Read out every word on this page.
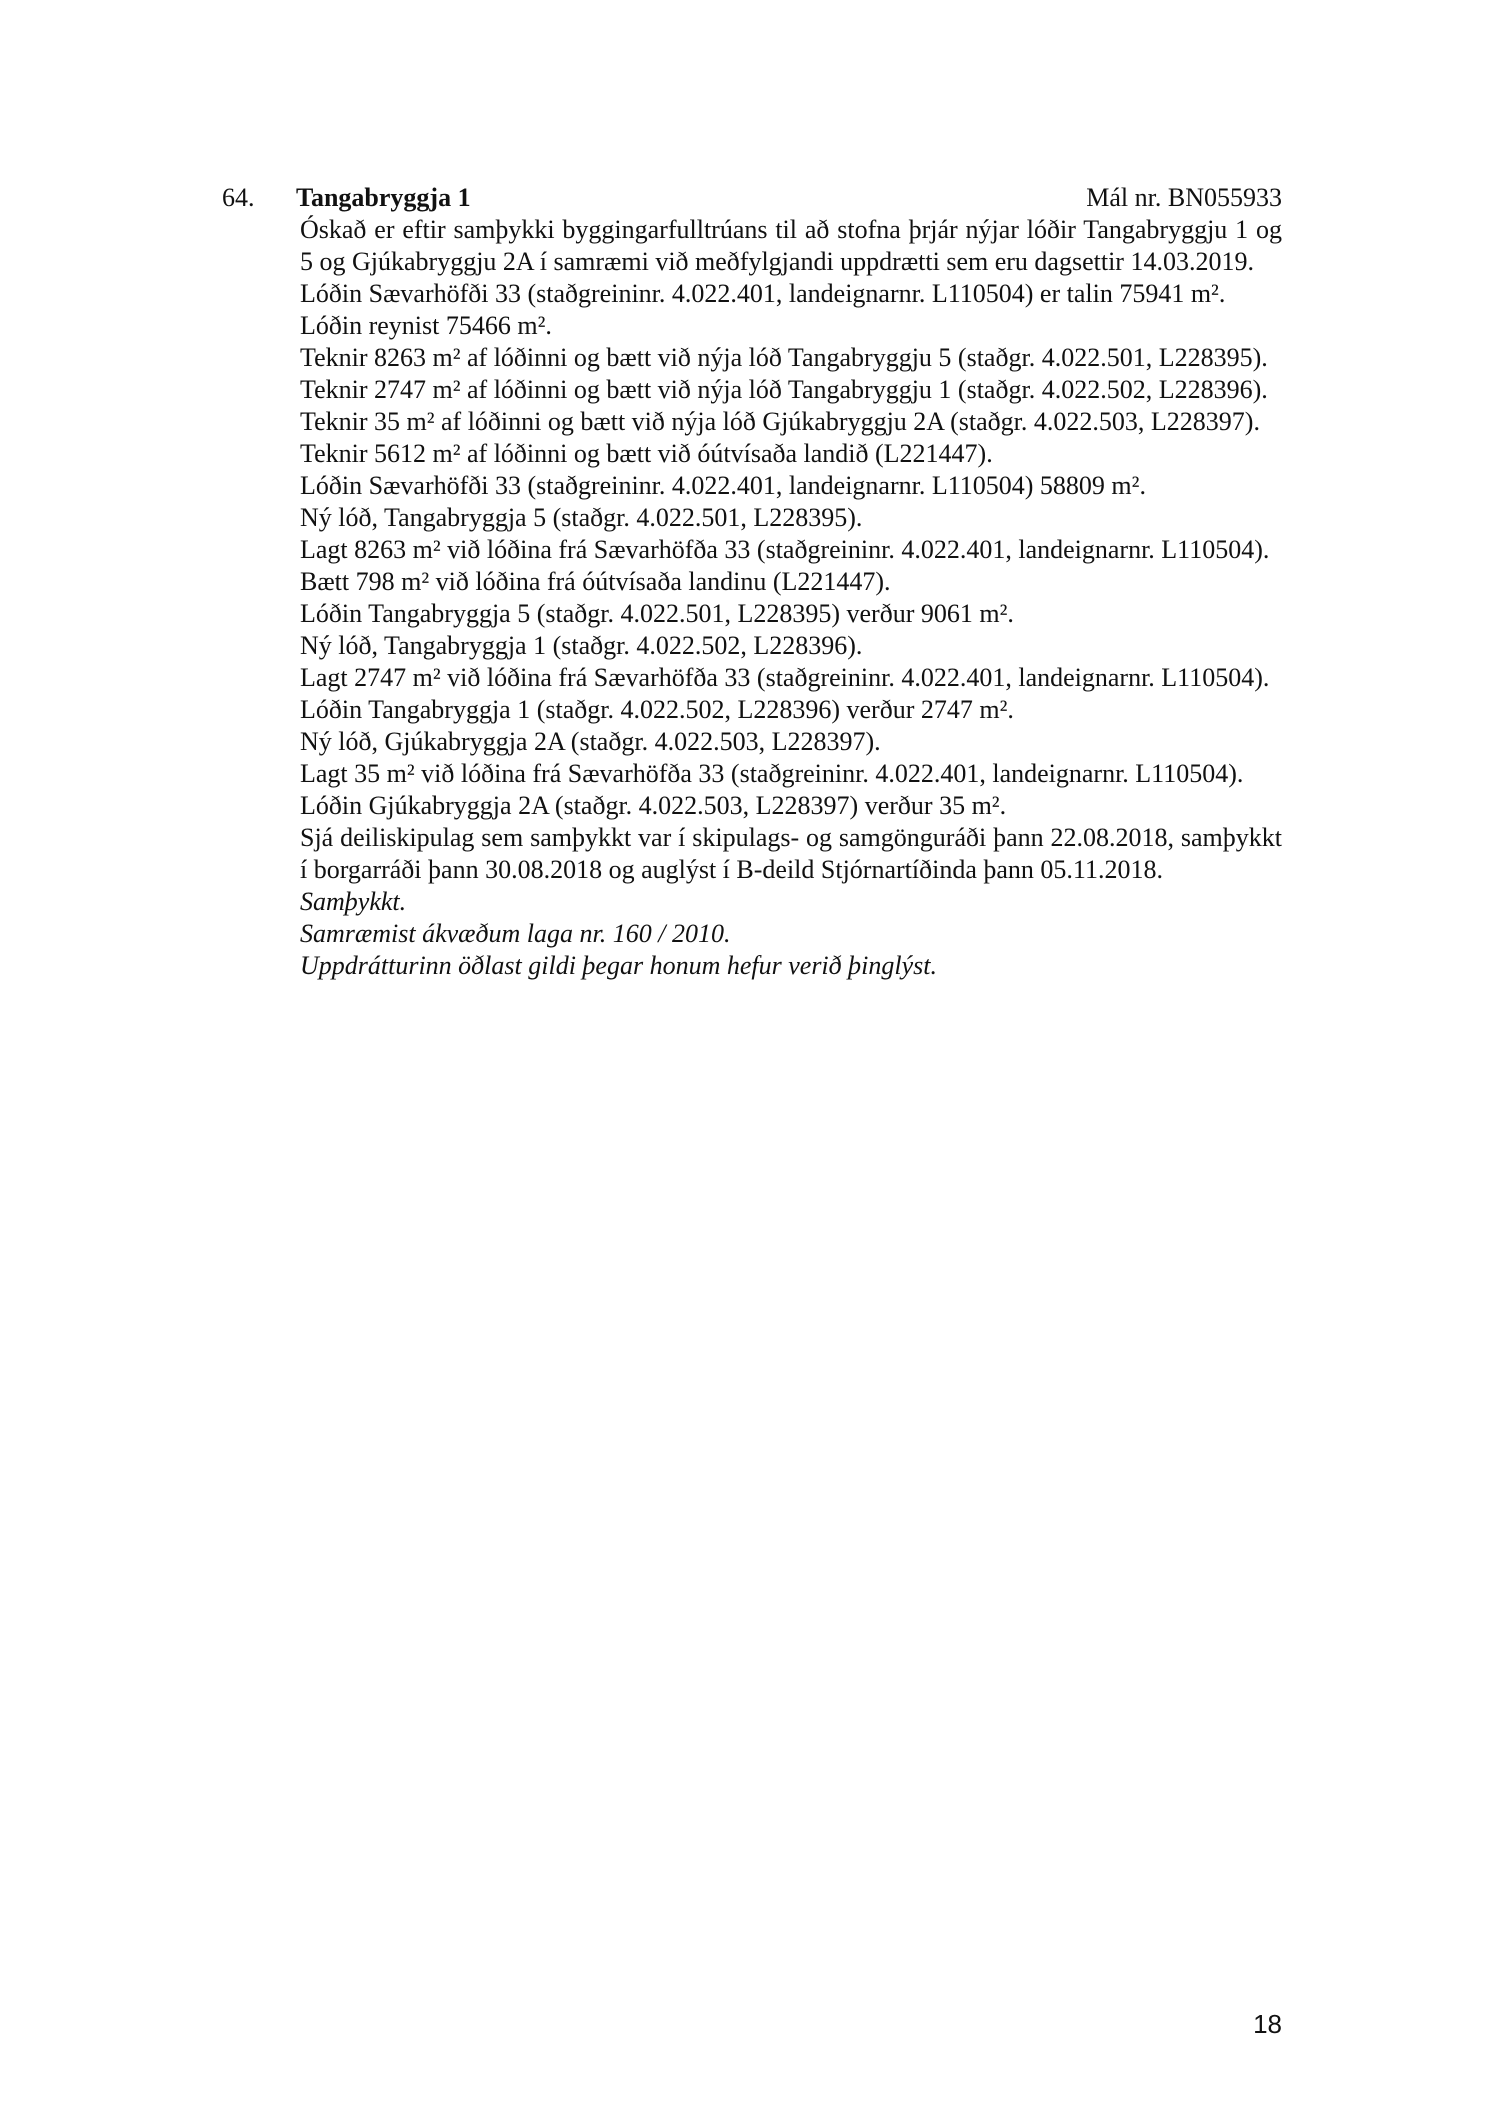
64. Tangabryggja 1	Mál nr. BN055933

Óskað er eftir samþykki byggingarfulltrúans til að stofna þrjár nýjar lóðir Tangabryggju 1 og 5 og Gjúkabryggju 2A í samræmi við meðfylgjandi uppdrætti sem eru dagsettir 14.03.2019.

Lóðin Sævarhöfði 33 (staðgreininr. 4.022.401, landeignarnr. L110504) er talin 75941 m².

Lóðin reynist 75466 m².

Teknir 8263 m² af lóðinni og bætt við nýja lóð Tangabryggju 5 (staðgr. 4.022.501, L228395).

Teknir 2747 m² af lóðinni og bætt við nýja lóð Tangabryggju 1 (staðgr. 4.022.502, L228396).

Teknir 35 m² af lóðinni og bætt við nýja lóð Gjúkabryggju 2A (staðgr. 4.022.503, L228397).

Teknir 5612 m² af lóðinni og bætt við óútvísaða landið (L221447).

Lóðin Sævarhöfði 33 (staðgreininr. 4.022.401, landeignarnr. L110504) 58809 m².

Ný lóð, Tangabryggja 5 (staðgr. 4.022.501, L228395).

Lagt 8263 m² við lóðina frá Sævarhöfða 33 (staðgreininr. 4.022.401, landeignarnr. L110504).

Bætt 798 m² við lóðina frá óútvísaða landinu (L221447).

Lóðin Tangabryggja 5 (staðgr. 4.022.501, L228395) verður 9061 m².

Ný lóð, Tangabryggja 1 (staðgr. 4.022.502, L228396).

Lagt 2747 m² við lóðina frá Sævarhöfða 33 (staðgreininr. 4.022.401, landeignarnr. L110504).

Lóðin Tangabryggja 1 (staðgr. 4.022.502, L228396) verður 2747 m².

Ný lóð, Gjúkabryggja 2A (staðgr. 4.022.503, L228397).

Lagt 35 m² við lóðina frá Sævarhöfða 33 (staðgreininr. 4.022.401, landeignarnr. L110504).

Lóðin Gjúkabryggja 2A (staðgr. 4.022.503, L228397) verður 35 m².

Sjá deiliskipulag sem samþykkt var í skipulags- og samgönguráði þann 22.08.2018, samþykkt í borgarráði þann 30.08.2018 og auglýst í B-deild Stjórnartíðinda þann 05.11.2018.

Samþykkt.

Samræmist ákvæðum laga nr. 160 / 2010.

Uppdrátturinn öðlast gildi þegar honum hefur verið þinglýst.

18
